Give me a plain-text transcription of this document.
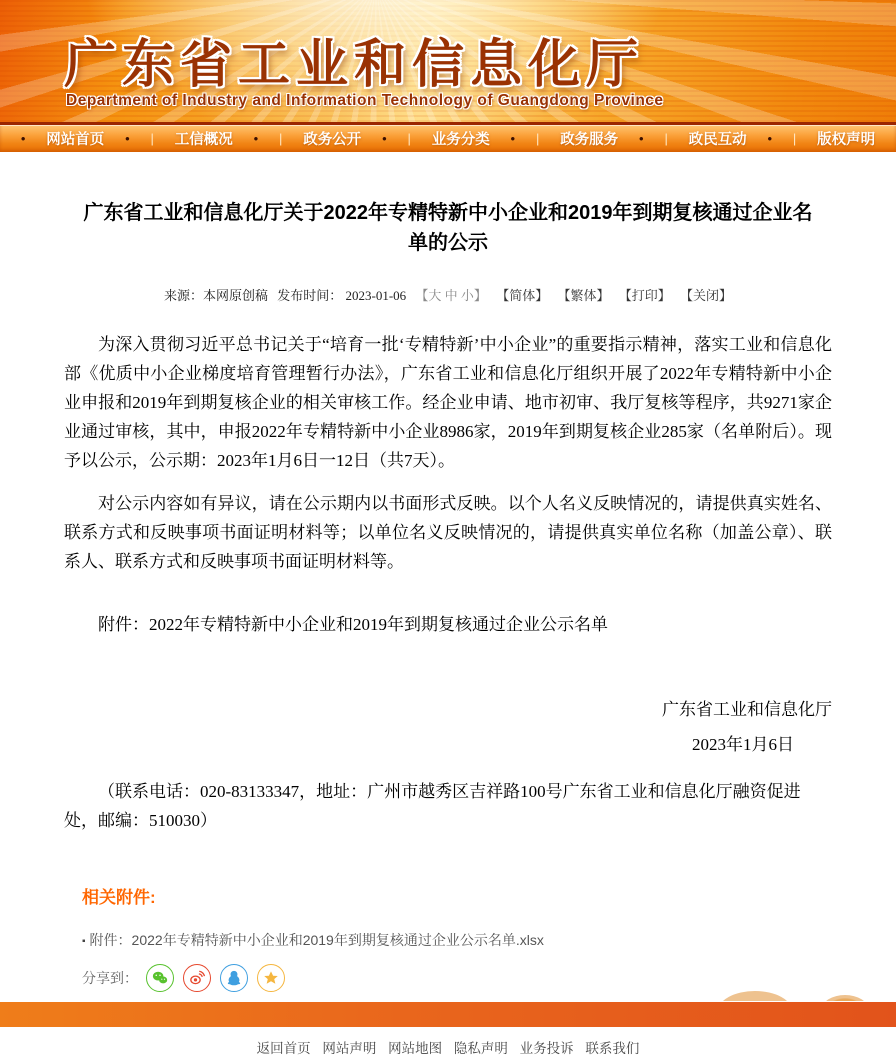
广东省工业和信息化厅
Department of Industry and Information Technology of Guangdong Province
• 网站首页 • | 工信概况 • | 政务公开 • | 业务分类 • | 政务服务 • | 政民互动 • | 版权声明
广东省工业和信息化厅关于2022年专精特新中小企业和2019年到期复核通过企业名单的公示
来源：本网原创稿 发布时间： 2023-01-06 【大 中 小】 【简体】 【繁体】 【打印】 【关闭】

为深入贯彻习近平总书记关于“培育一批‘专精特新’中小企业”的重要指示精神，落实工业和信息化部《优质中小企业梯度培育管理暂行办法》，广东省工业和信息化厅组织开展了2022年专精特新中小企业申报和2019年到期复核企业的相关审核工作。经企业申请、地市初审、我厅复核等程序，共9271家企业通过审核，其中，申报2022年专精特新中小企业8986家，2019年到期复核企业285家（名单附后）。现予以公示，公示期：2023年1月6日一12日（共7天）。

对公示内容如有异议，请在公示期内以书面形式反映。以个人名义反映情况的，请提供真实姓名、联系方式和反映事项书面证明材料等；以单位名义反映情况的，请提供真实单位名称（加盖公章）、联系人、联系方式和反映事项书面证明材料等。

附件：2022年专精特新中小企业和2019年到期复核通过企业公示名单

广东省工业和信息化厅
2023年1月6日

（联系电话：020-83133347，地址：广州市越秀区吉祥路100号广东省工业和信息化厅融资促进处，邮编：510030）

相关附件:
▪ 附件：2022年专精特新中小企业和2019年到期复核通过企业公示名单.xlsx
分享到：
返回首页 网站声明 网站地图 隐私声明 业务投诉 联系我们
